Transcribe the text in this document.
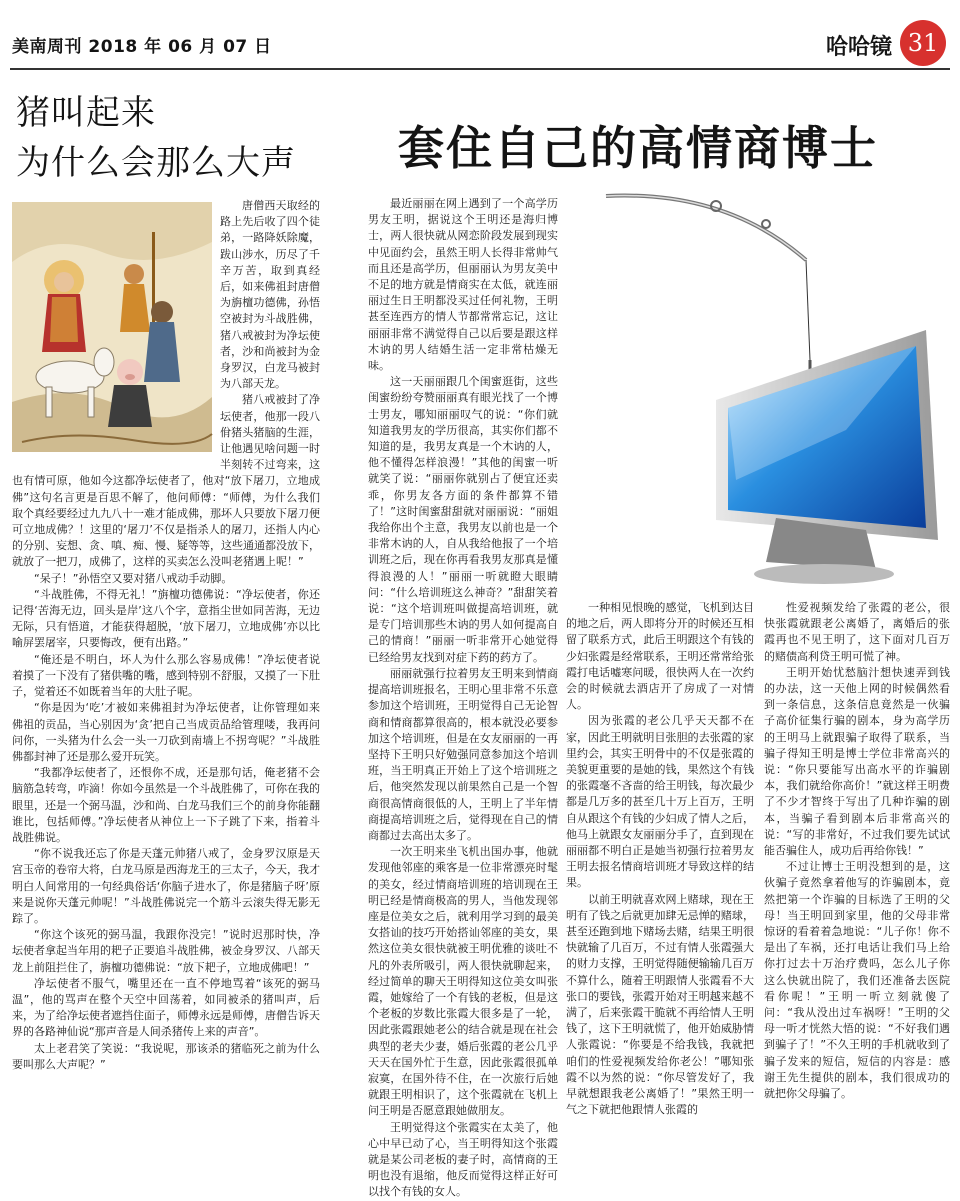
美南周刊 2018 年 06 月 07 日	哈哈镜 31
猪叫起来
为什么会那么大声

唐僧西天取经的路上先后收了四个徒弟，一路降妖除魔，跋山涉水，历尽了千辛万苦，取到真经后，如来佛祖封唐僧为旃檀功德佛，孙悟空被封为斗战胜佛，猪八戒被封为净坛使者，沙和尚被封为金身罗汉，白龙马被封为八部天龙。

猪八戒被封了净坛使者，他那一段八佾猪头猪脑的生涯，让他遇见啥问题一时半刻转不过弯来，这也有情可原，他如今这都净坛使者了，他对“放下屠刀，立地成佛”这句名言更是百思不解了，他问师傅：“师傅，为什么我们取个真经要经过九九八十一难才能成佛，那坏人只要放下屠刀便可立地成佛？！这里的‘屠刀’不仅是指杀人的屠刀，还指人内心的分别、妄想、贪、嗔、痴、慢、疑等等，这些通通都没放下，就放了一把刀，成佛了，这样的买卖怎么没叫老猪遇上呢！”

“呆子！”孙悟空又要对猪八戒动手动脚。

“斗战胜佛，不得无礼！”旃檀功德佛说：“净坛使者，你还记得‘苦海无边，回头是岸’这八个字，意指尘世如同苦海，无边无际，只有悟道，才能获得超脱，‘放下屠刀，立地成佛’亦以比喻屏罢屠宰，只要悔改，便有出路。”

“俺还是不明白，坏人为什么那么容易成佛！”净坛使者说着摸了一下没有了猪供嘴的嘴，感到特别不舒服，又摸了一下肚子，觉着还不如既着当年的大肚子呢。

“你是因为‘吃’才被如来佛祖封为净坛使者，让你管理如来佛祖的贡品，当心别因为‘贪’把自己当成贡品给管理喽，我再问问你，一头猪为什么会一头一刀砍到南墙上不拐弯呢？”斗战胜佛都封神了还是那么爱开玩笑。

“我都净坛使者了，还恨你不成，还是那句话，俺老猪不会脑筋急转弯，咋滴！你如今虽然是一个斗战胜佛了，可你在我的眼里，还是一个弼马温，沙和尚、白龙马我们三个的前身你能翻谁比，包括师傅。”净坛使者从神位上一下子跳了下来，指着斗战胜佛说。

“你不说我还忘了你是天蓬元帅猪八戒了，金身罗汉原是天宫玉帝的卷帘大将，白龙马原是西海龙王的三太子，今天，我才明白人间常用的一句经典俗话‘你脑子进水了，你是猪脑子呀’原来是说你天蓬元帅呢！”斗战胜佛说完一个筋斗云滚失得无影无踪了。

“你这个该死的弼马温，我跟你没完！”说时迟那时快，净坛使者拿起当年用的耙子正要追斗战胜佛，被金身罗汉、八部天龙上前阻拦住了，旃檀功德佛说：“放下耙子，立地成佛吧！”

净坛使者不服气，嘴里还在一直不停地骂着“该死的弼马温”，他的骂声在整个天空中回荡着，如同被杀的猪叫声，后来，为了给净坛使者遮挡住面子，师傅永远是师傅，唐僧告诉天界的各路神仙说“那声音是人间杀猪传上来的声音”。

太上老君笑了笑说：“我说呢，那该杀的猪临死之前为什么要叫那么大声呢？”

套住自己的高情商博士

最近丽丽在网上遇到了一个高学历男友王明，据说这个王明还是海归博士，两人很快就从网恋阶段发展到现实中见面约会，虽然王明人长得非常帅气而且还是高学历，但丽丽认为男友美中不足的地方就是情商实在太低，就连丽丽过生日王明都没买过任何礼物，王明甚至连西方的情人节都常常忘记，这让丽丽非常不满觉得自己以后要是跟这样木讷的男人结婚生活一定非常枯燥无味。

这一天丽丽跟几个闺蜜逛街，这些闺蜜纷纷夸赞丽丽真有眼光找了一个博士男友，哪知丽丽叹气的说：“你们就知道我男友的学历很高，其实你们都不知道的是，我男友真是一个木讷的人，他不懂得怎样浪漫！”其他的闺蜜一听就笑了说：“丽丽你就别占了便宜还卖乖，你男友各方面的条件都算不错了！”这时闺蜜甜甜就对丽丽说：“丽姐我给你出个主意，我男友以前也是一个非常木讷的人，自从我给他报了一个培训班之后，现在你再看我男友那真是懂得浪漫的人！”丽丽一听就瞪大眼睛问：“什么培训班这么神奇？”甜甜笑着说：“这个培训班叫做提高培训班，就是专门培训那些木讷的男人如何提高自己的情商！”丽丽一听非常开心她觉得已经给男友找到对症下药的药方了。

丽丽就强行拉着男友王明来到情商提高培训班报名，王明心里非常不乐意参加这个培训班，王明觉得自己无论智商和情商都算很高的，根本就没必要参加这个培训班，但是在女友丽丽的一再坚持下王明只好勉强同意参加这个培训班，当王明真正开始上了这个培训班之后，他突然发现以前果然自己是一个智商很高情商很低的人，王明上了半年情商提高培训班之后，觉得现在自己的情商都过去高出太多了。

一次王明来坐飞机出国办事，他就发现他邻座的乘客是一位非常漂亮时髦的美女，经过情商培训班的培训现在王明已经是情商极高的男人，当他发现邻座是位美女之后，就利用学习到的最美女搭讪的技巧开始搭讪邻座的美女，果然这位美女很快就被王明优雅的谈吐不凡的外表所吸引，两人很快就聊起来，经过简单的聊天王明得知这位美女叫张霞，她嫁给了一个有钱的老板，但是这个老板的岁数比张霞大很多是了一轮，因此张霞跟她老公的结合就是现在社会典型的老夫少妻，婚后张霞的老公几乎天天在国外忙于生意，因此张霞很孤单寂寞，在国外待不住，在一次旅行后她就跟王明相识了，这个张霞就在飞机上问王明是否愿意跟她做朋友。

王明觉得这个张霞实在太美了，他心中早已动了心，当王明得知这个张霞就是某公司老板的妻子时，高情商的王明也没有退缩，他反而觉得这样正好可以找个有钱的女人。

一种相见恨晚的感觉，飞机到达目的地之后，两人即将分开的时候还互相留了联系方式，此后王明跟这个有钱的少妇张霞是经常联系，王明还常常给张霞打电话嘘寒问暖，很快两人在一次约会的时候就去酒店开了房成了一对情人。

因为张霞的老公几乎天天都不在家，因此王明就明目张胆的去张霞的家里约会，其实王明骨中的不仅是张霞的美貌更重要的是她的钱，果然这个有钱的张霞毫不吝啬的给王明钱，每次最少都是几万多的甚至几十万上百万，王明自从跟这个有钱的少妇成了情人之后，他马上就跟女友丽丽分手了，直到现在丽丽都不明白正是她当初强行拉着男友王明去报名情商培训班才导致这样的结果。

以前王明就喜欢网上赌球，现在王明有了钱之后就更加肆无忌惮的赌球，甚至还跑到地下赌场去赌，结果王明很快就输了几百万，不过有情人张霞强大的财力支撑，王明觉得随便输输几百万不算什么，随着王明跟情人张霞看不大张口的要钱，张霞开始对王明越来越不满了，后来张霞干脆就不再给情人王明钱了，这下王明就慌了，他开始威胁情人张霞说：“你要是不给我钱，我就把咱们的性爱视频发给你老公！”哪知张霞不以为然的说：“你尽管发好了，我早就想跟我老公离婚了！”果然王明一气之下就把他跟情人张霞的

性爱视频发给了张霞的老公，很快张霞就跟老公离婚了，离婚后的张霞再也不见王明了，这下面对几百万的赌债高利贷王明可慌了神。

王明开始忧愁脑汁想快速弄到钱的办法，这一天他上网的时候偶然看到一条信息，这条信息竟然是一伙骗子高价征集行骗的剧本，身为高学历的王明马上就跟骗子取得了联系，当骗子得知王明是博士学位非常高兴的说：“你只要能写出高水平的诈骗剧本，我们就给你高价！”就这样王明费了不少才智终于写出了几种诈骗的剧本，当骗子看到剧本后非常高兴的说：“写的非常好，不过我们要先试试能否骗住人，成功后再给你钱！”

不过让博士王明没想到的是，这伙骗子竟然拿着他写的诈骗剧本，竟然把第一个诈骗的目标选了王明的父母！当王明回到家里，他的父母非常惊讶的看着着急地说：“儿子你！你不是出了车祸，还打电话让我们马上给你打过去十万治疗费吗，怎么儿子你这么快就出院了，我们还准备去医院看你呢！”王明一听立刻就傻了问：“我从没出过车祸呀！”王明的父母一听才恍然大悟的说：“不好我们遇到骗子了！”不久王明的手机就收到了骗子发来的短信，短信的内容是：感谢王先生提供的剧本，我们很成功的就把你父母骗了。
